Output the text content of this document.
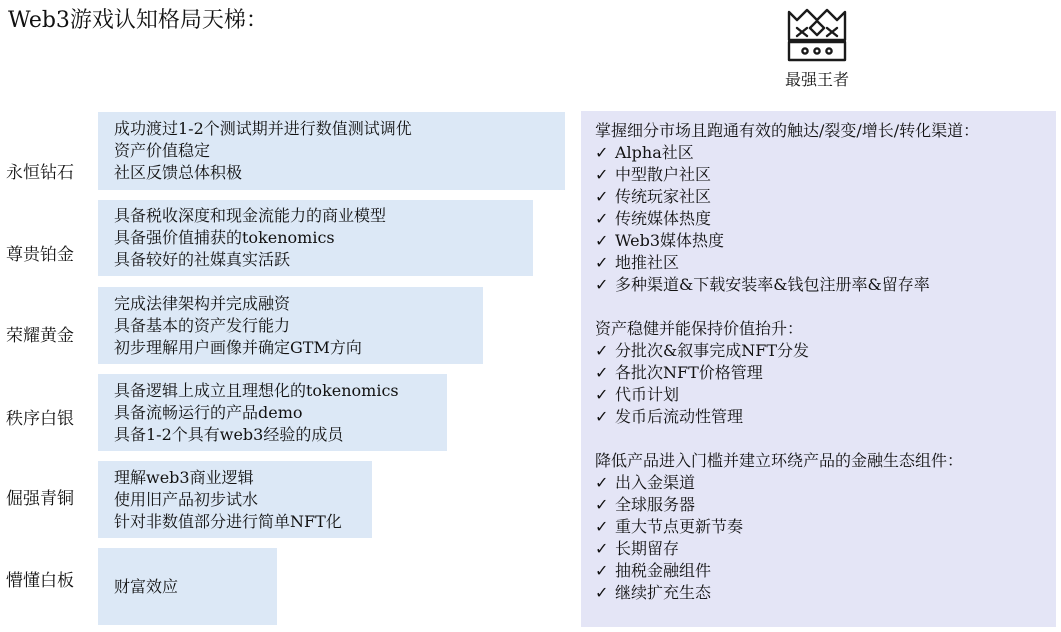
Web3游戏认知格局天梯：
最强王者
永恒钻石
成功渡过1-2个测试期并进行数值测试调优
资产价值稳定
社区反馈总体积极
尊贵铂金
具备税收深度和现金流能力的商业模型
具备强价值捕获的tokenomics
具备较好的社媒真实活跃
荣耀黄金
完成法律架构并完成融资
具备基本的资产发行能力
初步理解用户画像并确定GTM方向
秩序白银
具备逻辑上成立且理想化的tokenomics
具备流畅运行的产品demo
具备1-2个具有web3经验的成员
倔强青铜
理解web3商业逻辑
使用旧产品初步试水
针对非数值部分进行简单NFT化
懵懂白板	财富效应
掌握细分市场且跑通有效的触达/裂变/增长/转化渠道：
✓ Alpha社区
✓ 中型散户社区
✓ 传统玩家社区
✓ 传统媒体热度
✓ Web3媒体热度
✓ 地推社区
✓ 多种渠道&下载安装率&钱包注册率&留存率
资产稳健并能保持价值抬升：
✓ 分批次&叙事完成NFT分发
✓ 各批次NFT价格管理
✓ 代币计划
✓ 发币后流动性管理
降低产品进入门槛并建立环绕产品的金融生态组件：
✓ 出入金渠道
✓ 全球服务器
✓ 重大节点更新节奏
✓ 长期留存
✓ 抽税金融组件
✓ 继续扩充生态
